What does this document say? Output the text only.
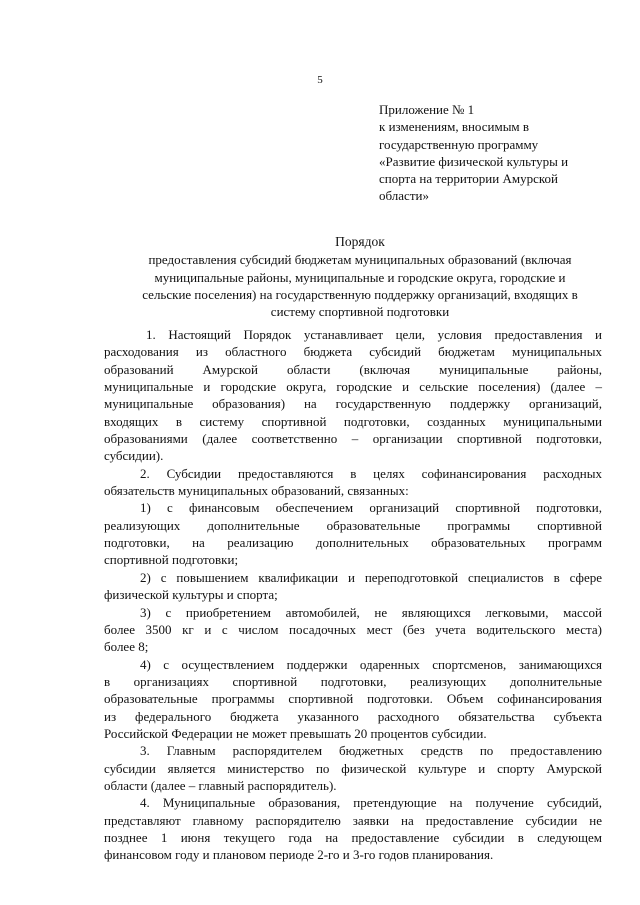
5
Приложение № 1
к изменениям, вносимым в
государственную программу
«Развитие физической культуры и
спорта на территории Амурской
области»
Порядок
предоставления субсидий бюджетам муниципальных образований (включая
муниципальные районы, муниципальные и городские округа, городские и
сельские поселения) на государственную поддержку организаций, входящих в
систему спортивной подготовки
1. Настоящий Порядок устанавливает цели, условия предоставления и
расходования из областного бюджета субсидий бюджетам муниципальных
образований Амурской области (включая муниципальные районы,
муниципальные и городские округа, городские и сельские поселения) (далее –
муниципальные образования) на государственную поддержку организаций,
входящих в систему спортивной подготовки, созданных муниципальными
образованиями (далее соответственно – организации спортивной подготовки,
субсидии).
2. Субсидии предоставляются в целях софинансирования расходных
обязательств муниципальных образований, связанных:
1) с финансовым обеспечением организаций спортивной подготовки,
реализующих дополнительные образовательные программы спортивной
подготовки, на реализацию дополнительных образовательных программ
спортивной подготовки;
2) с повышением квалификации и переподготовкой специалистов в сфере
физической культуры и спорта;
3) с приобретением автомобилей, не являющихся легковыми, массой
более 3500 кг и с числом посадочных мест (без учета водительского места)
более 8;
4) с осуществлением поддержки одаренных спортсменов, занимающихся
в организациях спортивной подготовки, реализующих дополнительные
образовательные программы спортивной подготовки. Объем софинансирования
из федерального бюджета указанного расходного обязательства субъекта
Российской Федерации не может превышать 20 процентов субсидии.
3. Главным распорядителем бюджетных средств по предоставлению
субсидии является министерство по физической культуре и спорту Амурской
области (далее – главный распорядитель).
4. Муниципальные образования, претендующие на получение субсидий,
представляют главному распорядителю заявки на предоставление субсидии не
позднее 1 июня текущего года на предоставление субсидии в следующем
финансовом году и плановом периоде 2-го и 3-го годов планирования.
